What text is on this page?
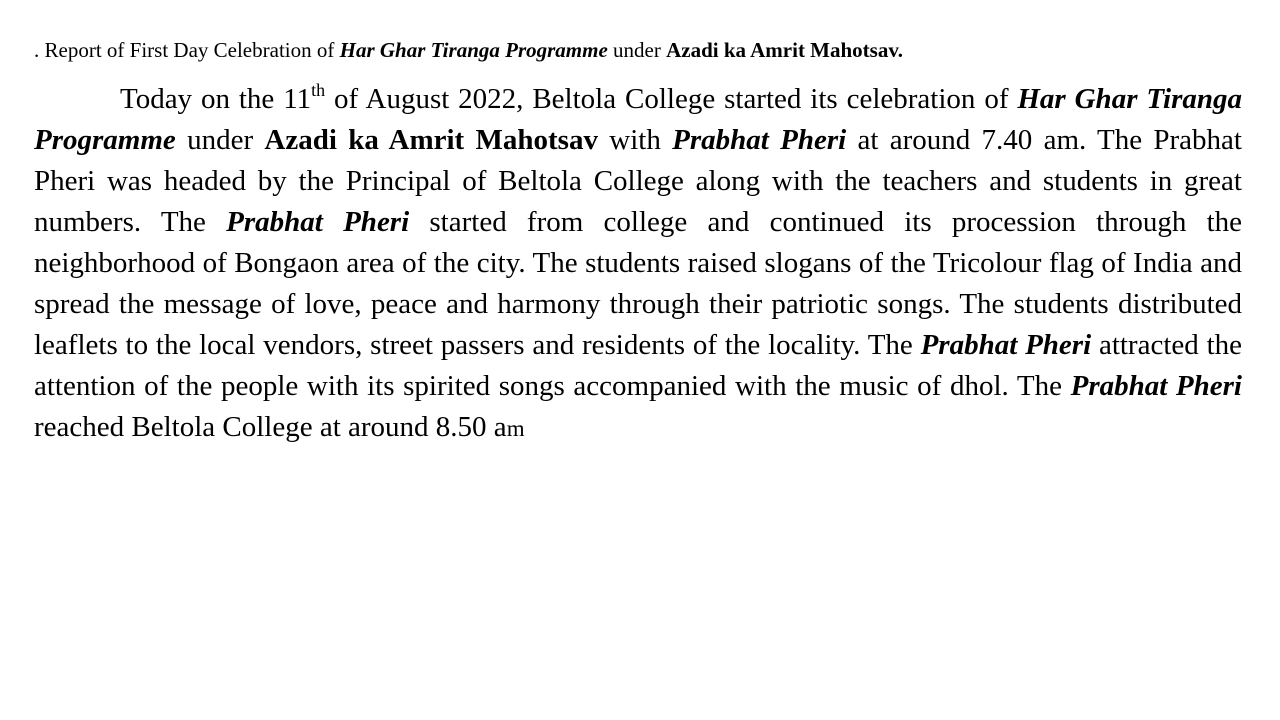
. Report of First Day Celebration of Har Ghar Tiranga Programme under Azadi ka Amrit Mahotsav.

Today on the 11th of August 2022, Beltola College started its celebration of Har Ghar Tiranga Programme under Azadi ka Amrit Mahotsav with Prabhat Pheri at around 7.40 am. The Prabhat Pheri was headed by the Principal of Beltola College along with the teachers and students in great numbers. The Prabhat Pheri started from college and continued its procession through the neighborhood of Bongaon area of the city. The students raised slogans of the Tricolour flag of India and spread the message of love, peace and harmony through their patriotic songs. The students distributed leaflets to the local vendors, street passers and residents of the locality. The Prabhat Pheri attracted the attention of the people with its spirited songs accompanied with the music of dhol. The Prabhat Pheri reached Beltola College at around 8.50 am
